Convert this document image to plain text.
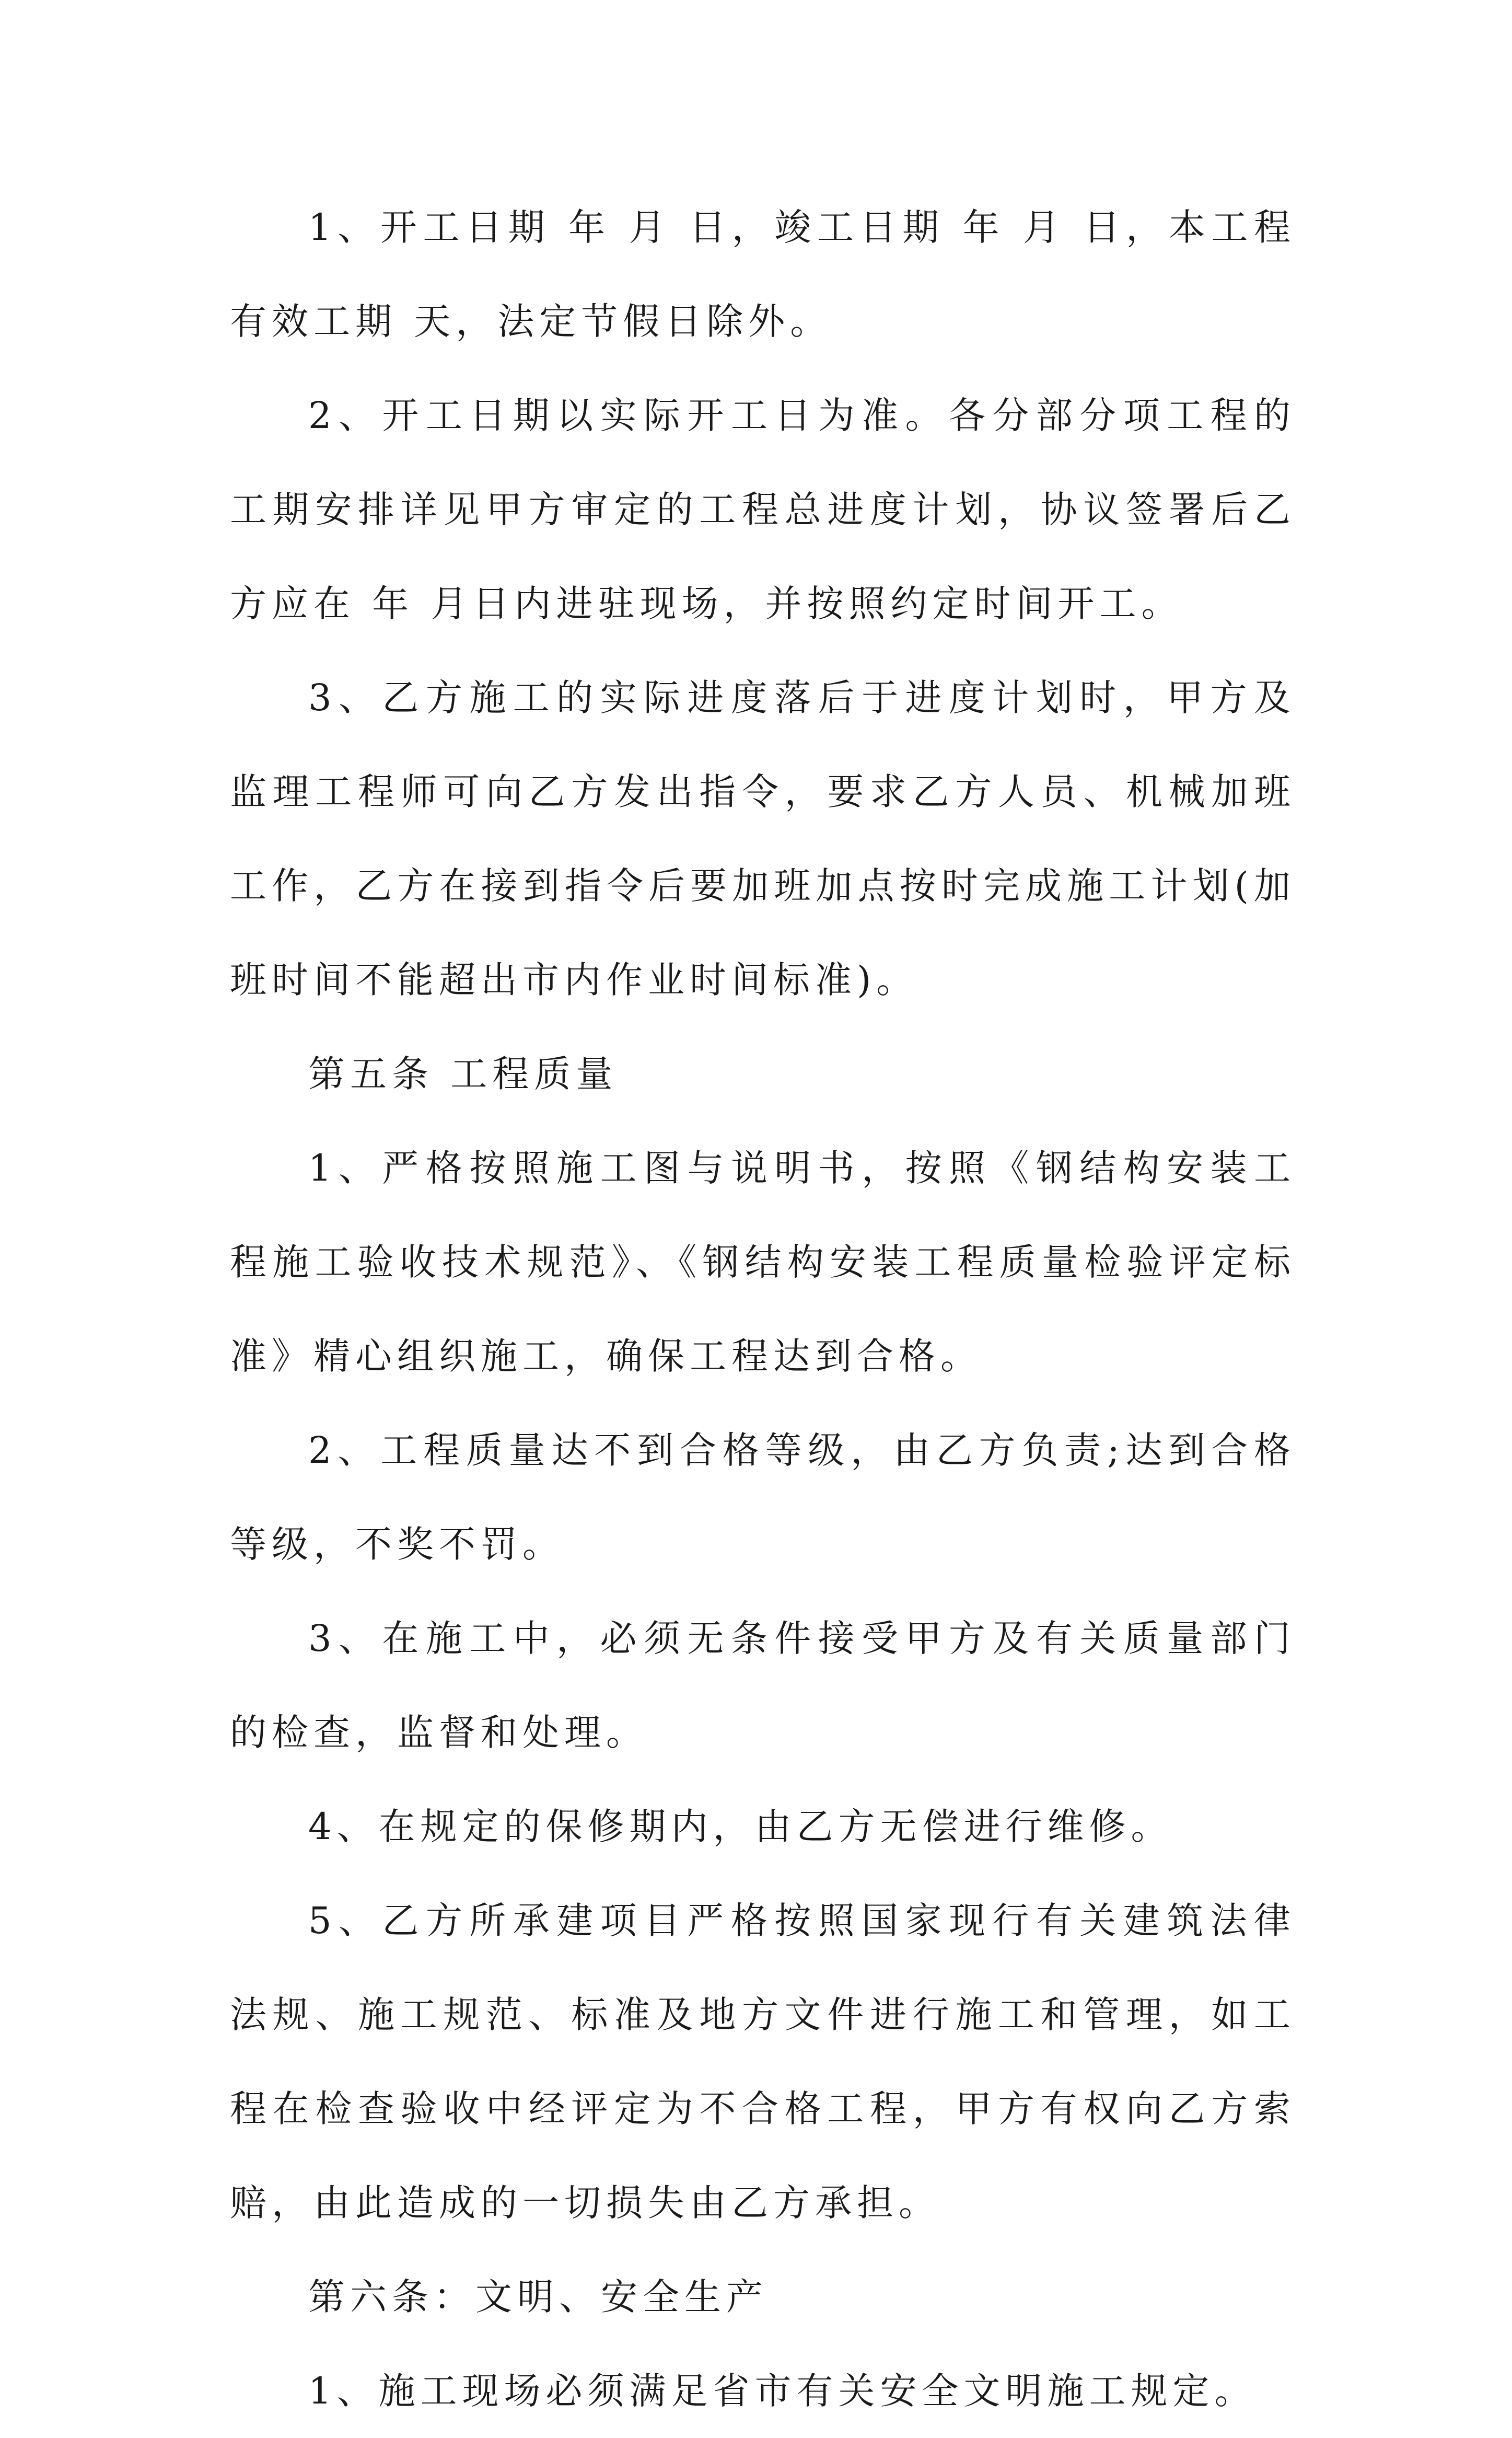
1、开工日期 年 月 日，竣工日期 年 月 日，本工程有效工期 天，法定节假日除外。

2、开工日期以实际开工日为准。各分部分项工程的工期安排详见甲方审定的工程总进度计划，协议签署后乙方应在 年 月日内进驻现场，并按照约定时间开工。

3、乙方施工的实际进度落后于进度计划时，甲方及监理工程师可向乙方发出指令，要求乙方人员、机械加班工作，乙方在接到指令后要加班加点按时完成施工计划(加班时间不能超出市内作业时间标准)。

第五条 工程质量

1、严格按照施工图与说明书，按照《钢结构安装工程施工验收技术规范》、《钢结构安装工程质量检验评定标准》精心组织施工，确保工程达到合格。

2、工程质量达不到合格等级，由乙方负责;达到合格等级，不奖不罚。

3、在施工中，必须无条件接受甲方及有关质量部门的检查，监督和处理。

4、在规定的保修期内，由乙方无偿进行维修。

5、乙方所承建项目严格按照国家现行有关建筑法律法规、施工规范、标准及地方文件进行施工和管理，如工程在检查验收中经评定为不合格工程，甲方有权向乙方索赔，由此造成的一切损失由乙方承担。

第六条：文明、安全生产

1、施工现场必须满足省市有关安全文明施工规定。
